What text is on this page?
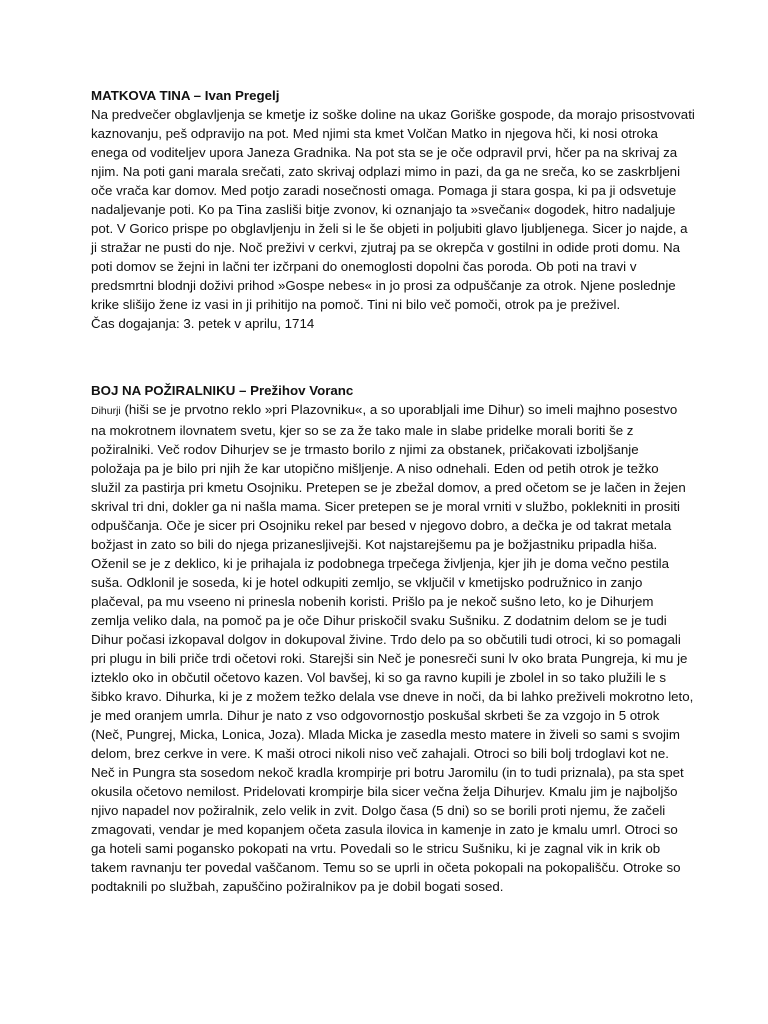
MATKOVA TINA – Ivan Pregelj

Na predvečer obglavljenja se kmetje iz soške doline na ukaz Goriške gospode, da morajo prisostvovati
kaznovanju, peš odpravijo na pot. Med njimi sta kmet Volčan Matko in njegova hči, ki nosi otroka
enega od voditeljev upora Janeza Gradnika. Na pot sta se je oče odpravil prvi, hčer pa na skrivaj za
njim. Na poti gani marala srečati, zato skrivaj odplazi mimo in pazi, da ga ne sreča, ko se zaskrbljeni
oče vrača kar domov. Med potjo zaradi nosečnosti omaga. Pomaga ji stara gospa, ki pa ji odsvetuje
nadaljevanje poti. Ko pa Tina zasliši bitje zvonov, ki oznanjajo ta »svečani« dogodek, hitro nadaljuje
pot. V Gorico prispe po obglavljenju in želi si le še objeti in poljubiti glavo ljubljenega. Sicer jo najde, a
ji stražar ne pusti do nje. Noč preživi v cerkvi, zjutraj pa se okrepča v gostilni in odide proti domu. Na
poti domov se žejni in lačni ter izčrpani do onemoglosti dopolni čas poroda. Ob poti na travi v
predsmrtni blodnji doživi prihod »Gospe nebes« in jo prosi za odpuščanje za otrok. Njene poslednje
krike slišijo žene iz vasi in ji prihitijo na pomoč. Tini ni bilo več pomoči, otrok pa je preživel.
Čas dogajanja: 3. petek v aprilu, 1714

BOJ NA POŽIRALNIKU – Prežihov Voranc

Dihurji (hiši se je prvotno reklo »pri Plazovniku«, a so uporabljali ime Dihur) so imeli majhno posestvo
na mokrotnem ilovnatem svetu, kjer so se za že tako male in slabe pridelke morali boriti še z
požiralniki. Več rodov Dihurjev se je trmasto borilo z njimi za obstanek, pričakovati izboljšanje
položaja pa je bilo pri njih že kar utopično mišljenje. A niso odnehali. Eden od petih otrok je težko
služil za pastirja pri kmetu Osojniku. Pretepen se je zbežal domov, a pred očetom se je lačen in žejen
skrival tri dni, dokler ga ni našla mama. Sicer pretepen se je moral vrniti v službo, poklekniti in prositi
odpuščanja. Oče je sicer pri Osojniku rekel par besed v njegovo dobro, a dečka je od takrat metala
božjast in zato so bili do njega prizanesljivejši. Kot najstarejšemu pa je božjastniku pripadla hiša.
Oženil se je z deklico, ki je prihajala iz podobnega trpečega življenja, kjer jih je doma večno pestila
suša. Odklonil je soseda, ki je hotel odkupiti zemljo, se vključil v kmetijsko podružnico in zanjo
plačeval, pa mu vseeno ni prinesla nobenih koristi. Prišlo pa je nekoč sušno leto, ko je Dihurjem
zemlja veliko dala, na pomoč pa je oče Dihur priskočil svaku Sušniku. Z dodatnim delom se je tudi
Dihur počasi izkopaval dolgov in dokupoval živine. Trdo delo pa so občutili tudi otroci, ki so pomagali
pri plugu in bili priče trdi očetovi roki. Starejši sin Neč je ponesreči suni lv oko brata Pungreja, ki mu je
izteklo oko in občutil očetovo kazen. Vol bavšej, ki so ga ravno kupili je zbolel in so tako plužili le s
šibko kravo. Dihurka, ki je z možem težko delala vse dneve in noči, da bi lahko preživeli mokrotno leto,
je med oranjem umrla. Dihur je nato z vso odgovornostjo poskušal skrbeti še za vzgojo in 5 otrok
(Neč, Pungrej, Micka, Lonica, Joza). Mlada Micka je zasedla mesto matere in živeli so sami s svojim
delom, brez cerkve in vere. K maši otroci nikoli niso več zahajali. Otroci so bili bolj trdoglavi kot ne.
Neč in Pungra sta sosedom nekoč kradla krompirje pri botru Jaromilu (in to tudi priznala), pa sta spet
okusila očetovo nemilost. Pridelovati krompirje bila sicer večna želja Dihurjev. Kmalu jim je najboljšo
njivo napadel nov požiralnik, zelo velik in zvit. Dolgo časa (5 dni) so se borili proti njemu, že začeli
zmagovati, vendar je med kopanjem očeta zasula ilovica in kamenje in zato je kmalu umrl. Otroci so
ga hoteli sami pogansko pokopati na vrtu. Povedali so le stricu Sušniku, ki je zagnal vik in krik ob
takem ravnanju ter povedal vaščanom. Temu so se uprli in očeta pokopali na pokopališču. Otroke so
podtaknili po službah, zapuščino požiralnikov pa je dobil bogati sosed.
